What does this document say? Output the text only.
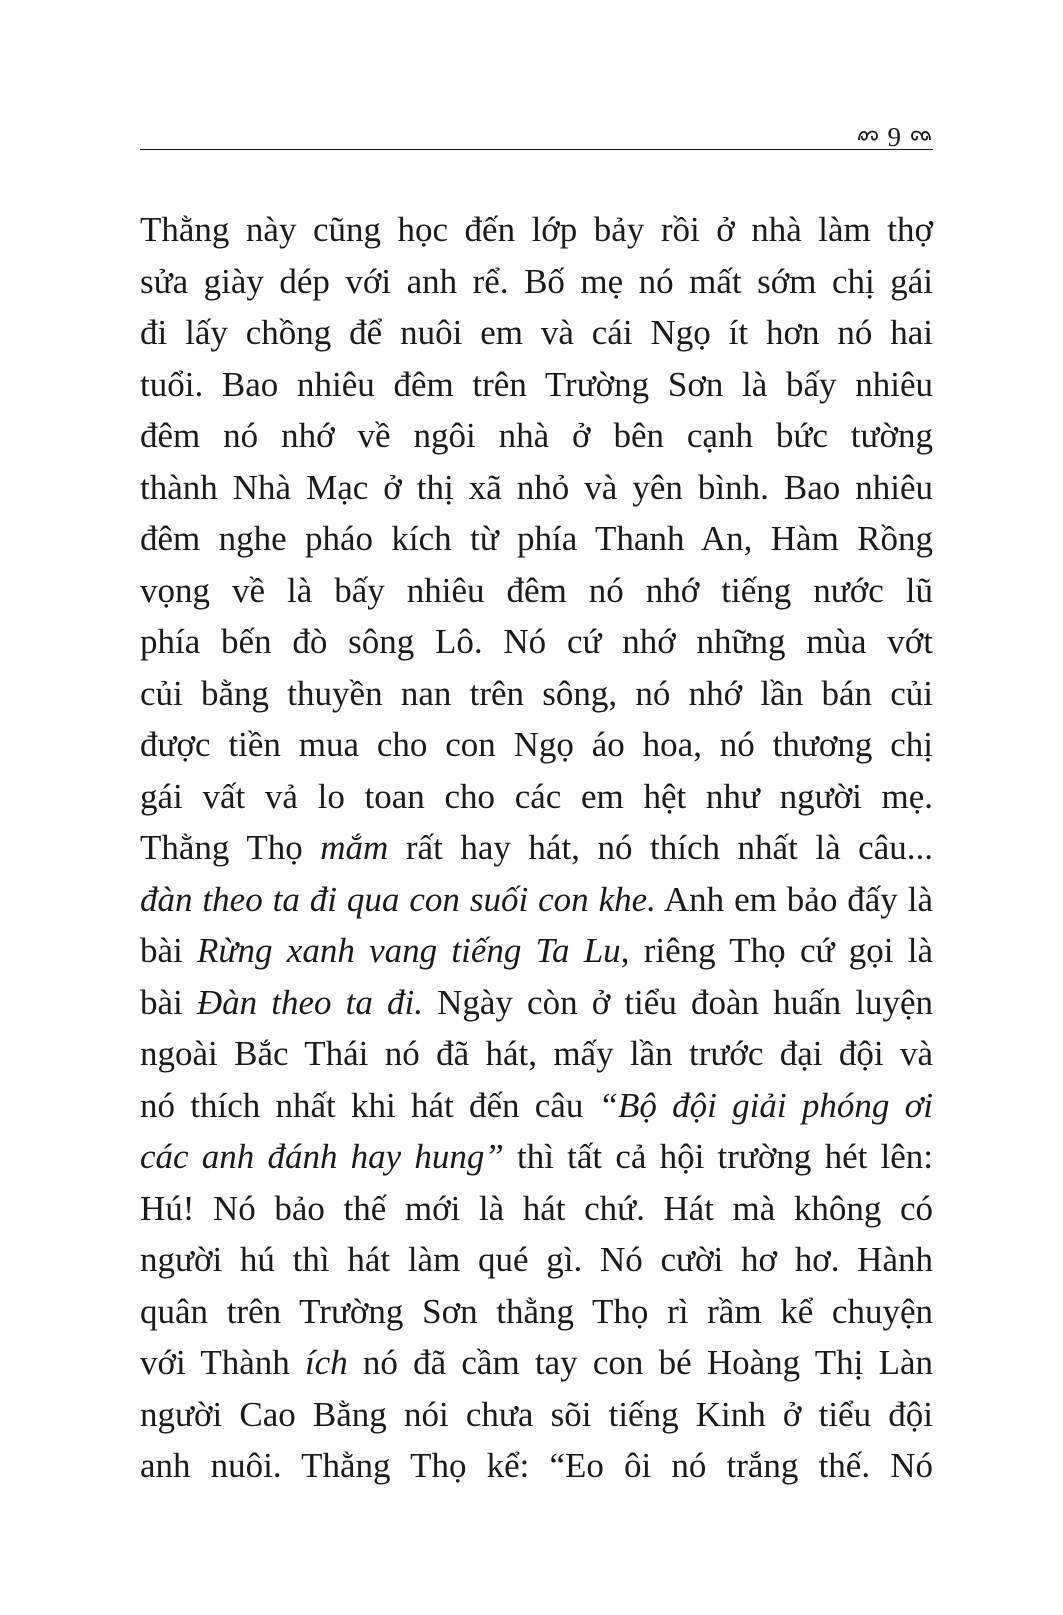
9
Thằng này cũng học đến lớp bảy rồi ở nhà làm thợ
sửa giày dép với anh rể. Bố mẹ nó mất sớm chị gái
đi lấy chồng để nuôi em và cái Ngọ ít hơn nó hai
tuổi. Bao nhiêu đêm trên Trường Sơn là bấy nhiêu
đêm nó nhớ về ngôi nhà ở bên cạnh bức tường
thành Nhà Mạc ở thị xã nhỏ và yên bình. Bao nhiêu
đêm nghe pháo kích từ phía Thanh An, Hàm Rồng
vọng về là bấy nhiêu đêm nó nhớ tiếng nước lũ
phía bến đò sông Lô. Nó cứ nhớ những mùa vớt
củi bằng thuyền nan trên sông, nó nhớ lần bán củi
được tiền mua cho con Ngọ áo hoa, nó thương chị
gái vất vả lo toan cho các em hệt như người mẹ.
Thằng Thọ mắm rất hay hát, nó thích nhất là câu...
đàn theo ta đi qua con suối con khe. Anh em bảo đấy là
bài Rừng xanh vang tiếng Ta Lu, riêng Thọ cứ gọi là
bài Đàn theo ta đi. Ngày còn ở tiểu đoàn huấn luyện
ngoài Bắc Thái nó đã hát, mấy lần trước đại đội và
nó thích nhất khi hát đến câu “Bộ đội giải phóng ơi
các anh đánh hay hung” thì tất cả hội trường hét lên:
Hú! Nó bảo thế mới là hát chứ. Hát mà không có
người hú thì hát làm qué gì. Nó cười hơ hơ. Hành
quân trên Trường Sơn thằng Thọ rì rầm kể chuyện
với Thành ích nó đã cầm tay con bé Hoàng Thị Làn
người Cao Bằng nói chưa sõi tiếng Kinh ở tiểu đội
anh nuôi. Thằng Thọ kể: “Eo ôi nó trắng thế. Nó
